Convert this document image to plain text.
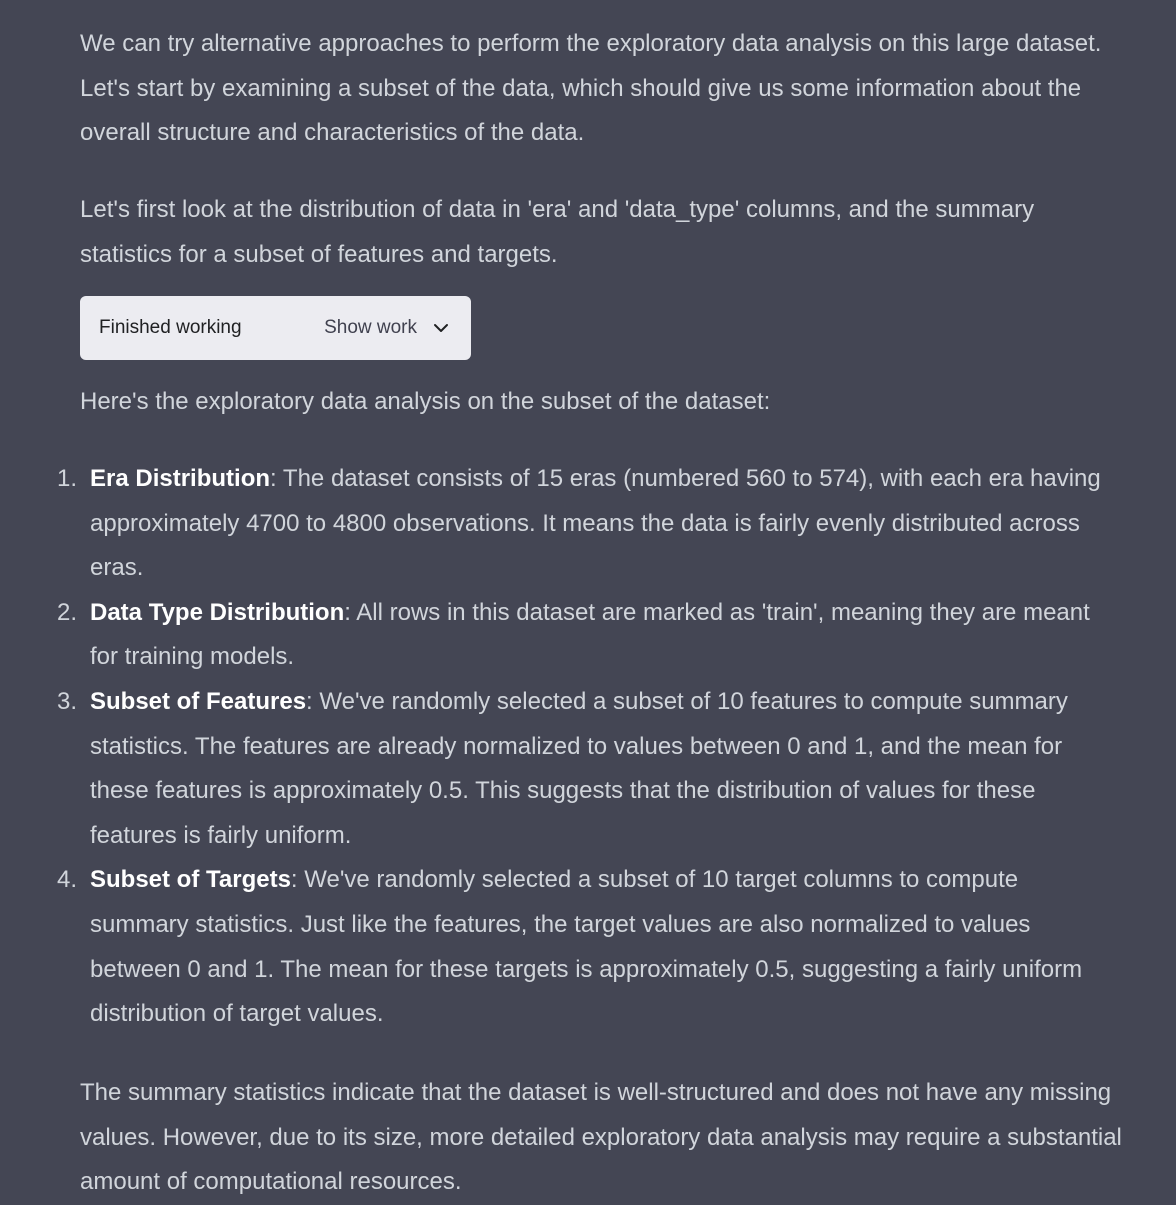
We can try alternative approaches to perform the exploratory data analysis on this large dataset. Let's start by examining a subset of the data, which should give us some information about the overall structure and characteristics of the data.

Let's first look at the distribution of data in 'era' and 'data_type' columns, and the summary statistics for a subset of features and targets.

Finished working	Show work

Here's the exploratory data analysis on the subset of the dataset:

1. Era Distribution: The dataset consists of 15 eras (numbered 560 to 574), with each era having approximately 4700 to 4800 observations. It means the data is fairly evenly distributed across eras.
2. Data Type Distribution: All rows in this dataset are marked as 'train', meaning they are meant for training models.
3. Subset of Features: We've randomly selected a subset of 10 features to compute summary statistics. The features are already normalized to values between 0 and 1, and the mean for these features is approximately 0.5. This suggests that the distribution of values for these features is fairly uniform.
4. Subset of Targets: We've randomly selected a subset of 10 target columns to compute summary statistics. Just like the features, the target values are also normalized to values between 0 and 1. The mean for these targets is approximately 0.5, suggesting a fairly uniform distribution of target values.

The summary statistics indicate that the dataset is well-structured and does not have any missing values. However, due to its size, more detailed exploratory data analysis may require a substantial amount of computational resources.
